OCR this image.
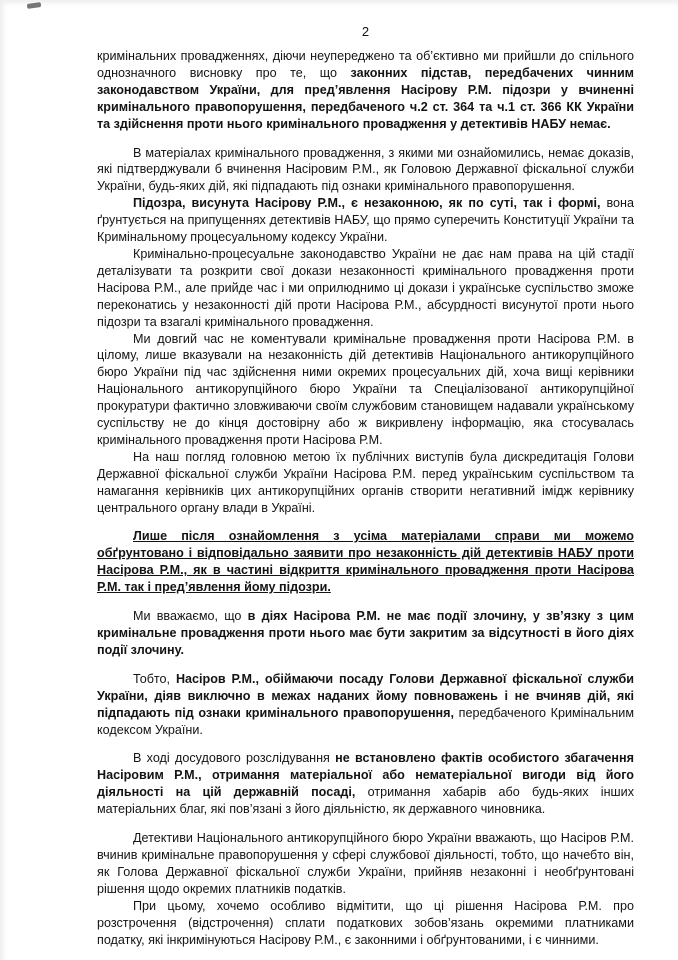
2

кримінальних провадженнях, діючи неупереджено та об’єктивно ми прийшли до спільного однозначного висновку про те, що законних підстав, передбачених чинним законодавством України, для пред’явлення Насірову Р.М. підозри у вчиненні кримінального правопорушення, передбаченого ч.2 ст. 364 та ч.1 ст. 366 КК України та здійснення проти нього кримінального провадження у детективів НАБУ немає.

В матеріалах кримінального провадження, з якими ми ознайомились, немає доказів, які підтверджували б вчинення Насіровим Р.М., як Головою Державної фіскальної служби України, будь-яких дій, які підпадають під ознаки кримінального правопорушення.

Підозра, висунута Насірову Р.М., є незаконною, як по суті, так і формі, вона ґрунтується на припущеннях детективів НАБУ, що прямо суперечить Конституції України та Кримінальному процесуальному кодексу України.

Кримінально-процесуальне законодавство України не дає нам права на цій стадії деталізувати та розкрити свої докази незаконності кримінального провадження проти Насірова Р.М., але прийде час і ми оприлюднимо ці докази і українське суспільство зможе переконатись у незаконності дій проти Насірова Р.М., абсурдності висунутої проти нього підозри та взагалі кримінального провадження.

Ми довгий час не коментували кримінальне провадження проти Насірова Р.М. в цілому, лише вказували на незаконність дій детективів Національного антикорупційного бюро України під час здійснення ними окремих процесуальних дій, хоча вищі керівники Національного антикорупційного бюро України та Спеціалізованої антикорупційної прокуратури фактично зловживаючи своїм службовим становищем надавали українському суспільству не до кінця достовірну або ж викривлену інформацію, яка стосувалась кримінального провадження проти Насірова Р.М.

На наш погляд головною метою їх публічних виступів була дискредитація Голови Державної фіскальної служби України Насірова Р.М. перед українським суспільством та намагання керівників цих антикорупційних органів створити негативний імідж керівнику центрального органу влади в Україні.

Лише після ознайомлення з усіма матеріалами справи ми можемо обґрунтовано і відповідально заявити про незаконність дій детективів НАБУ проти Насірова Р.М., як в частині відкриття кримінального провадження проти Насірова Р.М. так і пред’явлення йому підозри.

Ми вважаємо, що в діях Насірова Р.М. не має події злочину, у зв’язку з цим кримінальне провадження проти нього має бути закритим за відсутності в його діях події злочину.

Тобто, Насіров Р.М., обіймаючи посаду Голови Державної фіскальної служби України, діяв виключно в межах наданих йому повноважень і не вчиняв дій, які підпадають під ознаки кримінального правопорушення, передбаченого Кримінальним кодексом України.

В ході досудового розслідування не встановлено фактів особистого збагачення Насіровим Р.М., отримання матеріальної або нематеріальної вигоди від його діяльності на цій державній посаді, отримання хабарів або будь-яких інших матеріальних благ, які пов’язані з його діяльністю, як державного чиновника.

Детективи Національного антикорупційного бюро України вважають, що Насіров Р.М. вчинив кримінальне правопорушення у сфері службової діяльності, тобто, що начебто він, як Голова Державної фіскальної служби України, прийняв незаконні і необґрунтовані рішення щодо окремих платників податків.

При цьому, хочемо особливо відмітити, що ці рішення Насірова Р.М. про розстрочення (відстрочення) сплати податкових зобов’язань окремими платниками податку, які інкримінуються Насірову Р.М., є законними і обґрунтованими, і є чинними.
